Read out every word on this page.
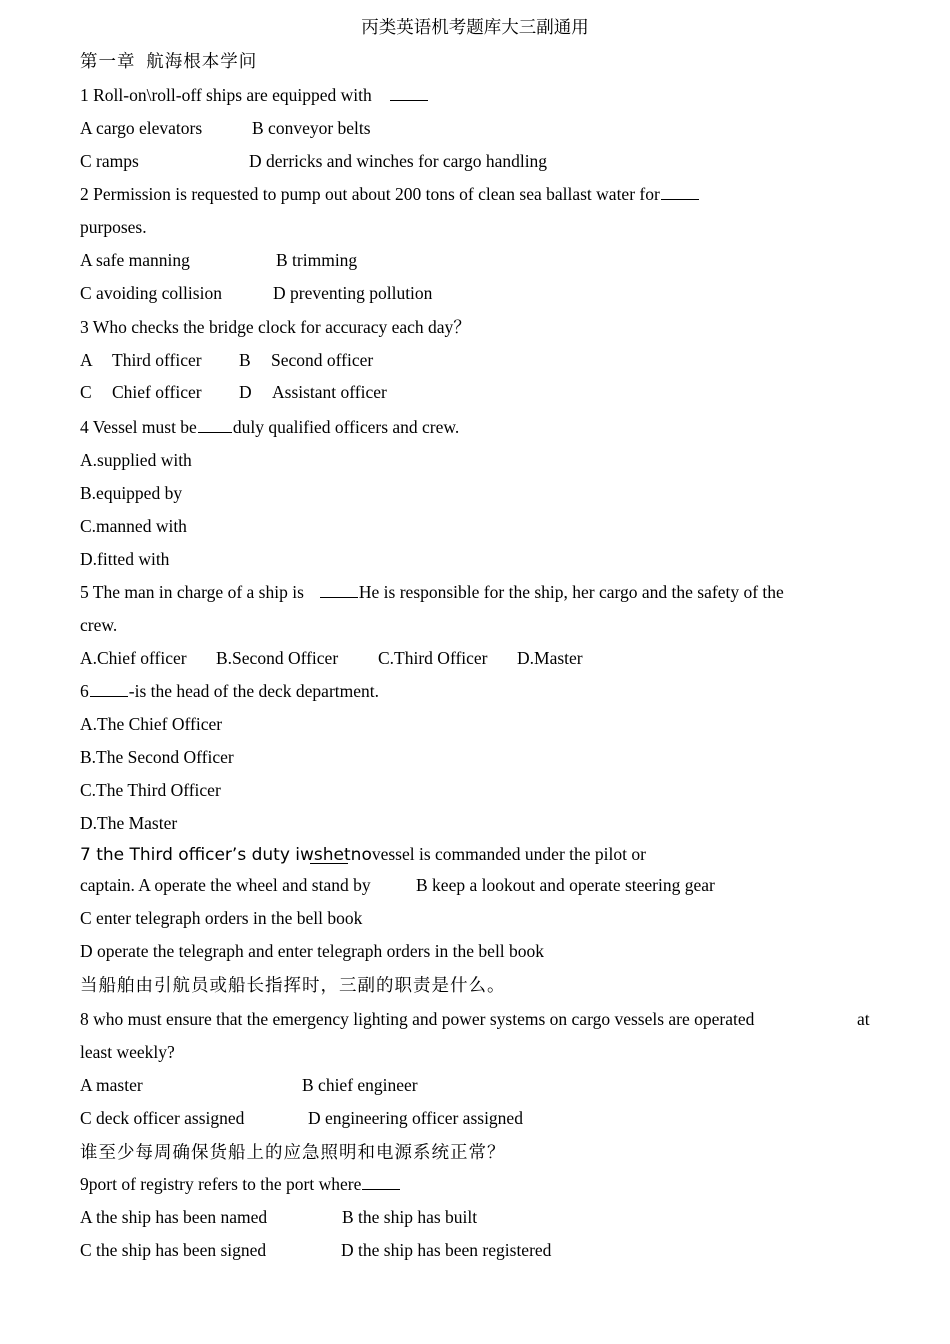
丙类英语机考题库大三副通用
第一章  航海根本学问
1 Roll-on\roll-off ships are equipped with
A cargo elevators	B conveyor belts
C ramps	D derricks and winches for cargo handling
2 Permission is requested to pump out about 200 tons of clean sea ballast water for
purposes.
A safe manning	B trimming
C avoiding collision	D preventing pollution
3 Who checks the bridge clock for accuracy each day？
A Third officer B Second officer
C Chief officer D Assistant officer
4 Vessel must be duly qualified officers and crew.
A.supplied with
B.equipped by
C.manned with
D.fitted with
5 The man in charge of a ship is	He is responsible for the ship, her cargo and the safety of the
crew.
A.Chief officer B.Second Officer C.Third Officer D.Master
6 -is the head of the deck department.
A.The Chief Officer
B.The Second Officer
C.The Third Officer
D.The Master
7 the Third officer’s duty iwshetnovessel is commanded under the pilot or
captain. A operate the wheel and stand by	B keep a lookout and operate steering gear
C enter telegraph orders in the bell book
D operate the telegraph and enter telegraph orders in the bell book
当船舶由引航员或船长指挥时，三副的职责是什么。
8 who must ensure that the emergency lighting and power systems on cargo vessels are operated	at
least weekly?
A master	B chief engineer
C deck officer assigned	D engineering officer assigned
谁至少每周确保货船上的应急照明和电源系统正常？
9port of registry refers to the port where
A the ship has been named	B the ship has built
C the ship has been signed	D the ship has been registered
